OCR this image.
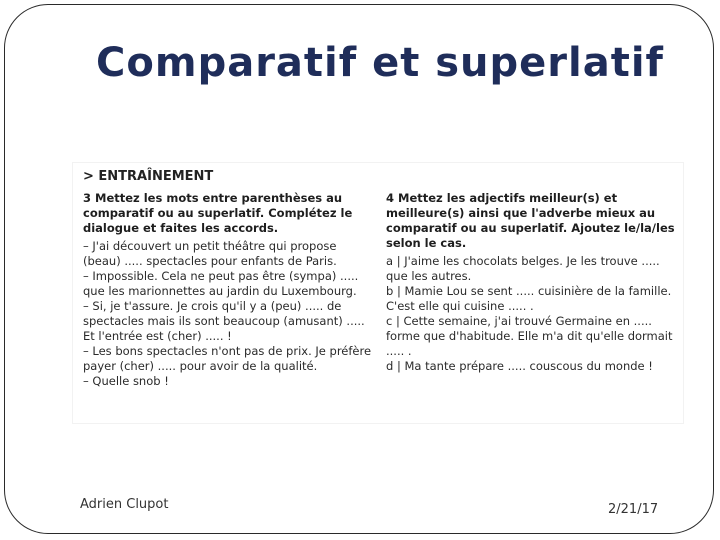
Comparatif et superlatif
> ENTRAÎNEMENT
3 Mettez les mots entre parenthèses au
comparatif ou au superlatif. Complétez le
dialogue et faites les accords.
– J'ai découvert un petit théâtre qui propose
(beau) ..... spectacles pour enfants de Paris.
– Impossible. Cela ne peut pas être (sympa) .....
que les marionnettes au jardin du Luxembourg.
– Si, je t'assure. Je crois qu'il y a (peu) ..... de
spectacles mais ils sont beaucoup (amusant) .....
Et l'entrée est (cher) ..... !
– Les bons spectacles n'ont pas de prix. Je préfère
payer (cher) ..... pour avoir de la qualité.
– Quelle snob !
4 Mettez les adjectifs meilleur(s) et
meilleure(s) ainsi que l'adverbe mieux au
comparatif ou au superlatif. Ajoutez le/la/les
selon le cas.
a | J'aime les chocolats belges. Je les trouve .....
que les autres.
b | Mamie Lou se sent ..... cuisinière de la famille.
C'est elle qui cuisine ..... .
c | Cette semaine, j'ai trouvé Germaine en .....
forme que d'habitude. Elle m'a dit qu'elle dormait
..... .
d | Ma tante prépare ..... couscous du monde !
Adrien Clupot	2/21/17
